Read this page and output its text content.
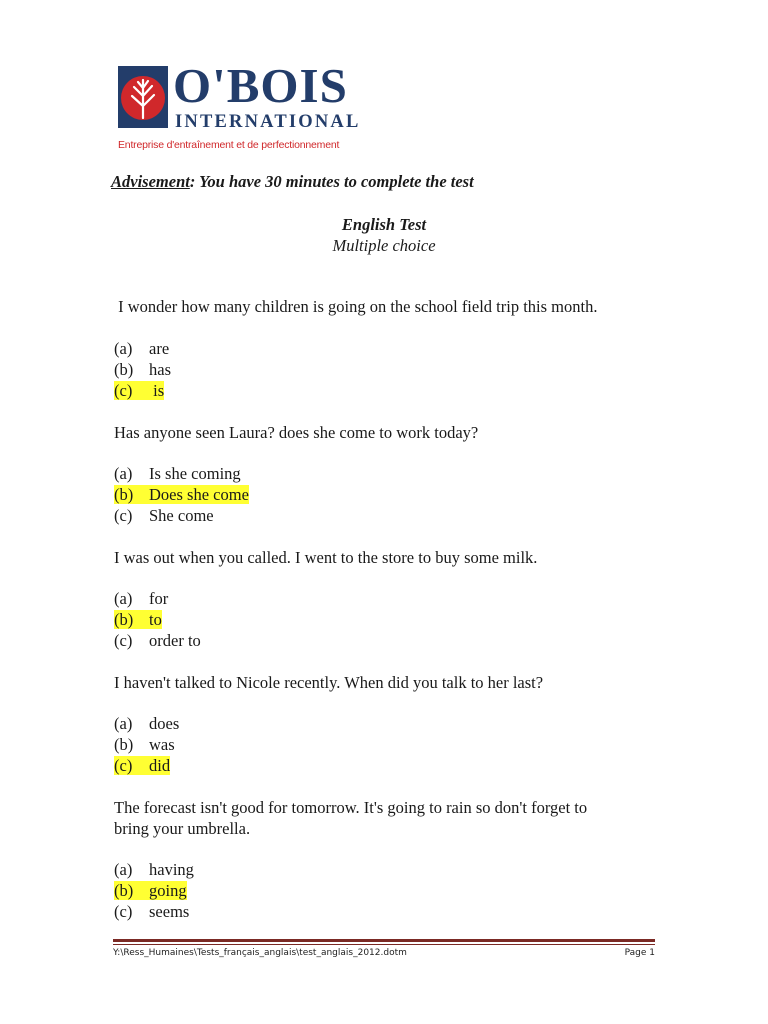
O'BOIS
INTERNATIONAL
Entreprise d'entraînement et de perfectionnement
Advisement: You have 30 minutes to complete the test
English Test
Multiple choice
I wonder how many children is going on the school field trip this month.
(a) are
(b) has
(c) is
Has anyone seen Laura? does she come to work today?
(a) Is she coming
(b) Does she come
(c) She come
I was out when you called. I went to the store to buy some milk.
(a) for
(b) to
(c) order to
I haven't talked to Nicole recently. When did you talk to her last?
(a) does
(b) was
(c) did
The forecast isn't good for tomorrow. It's going to rain so don't forget to
bring your umbrella.
(a) having
(b) going
(c) seems
Y:\Ress_Humaines\Tests_français_anglais\test_anglais_2012.dotm	Page 1
